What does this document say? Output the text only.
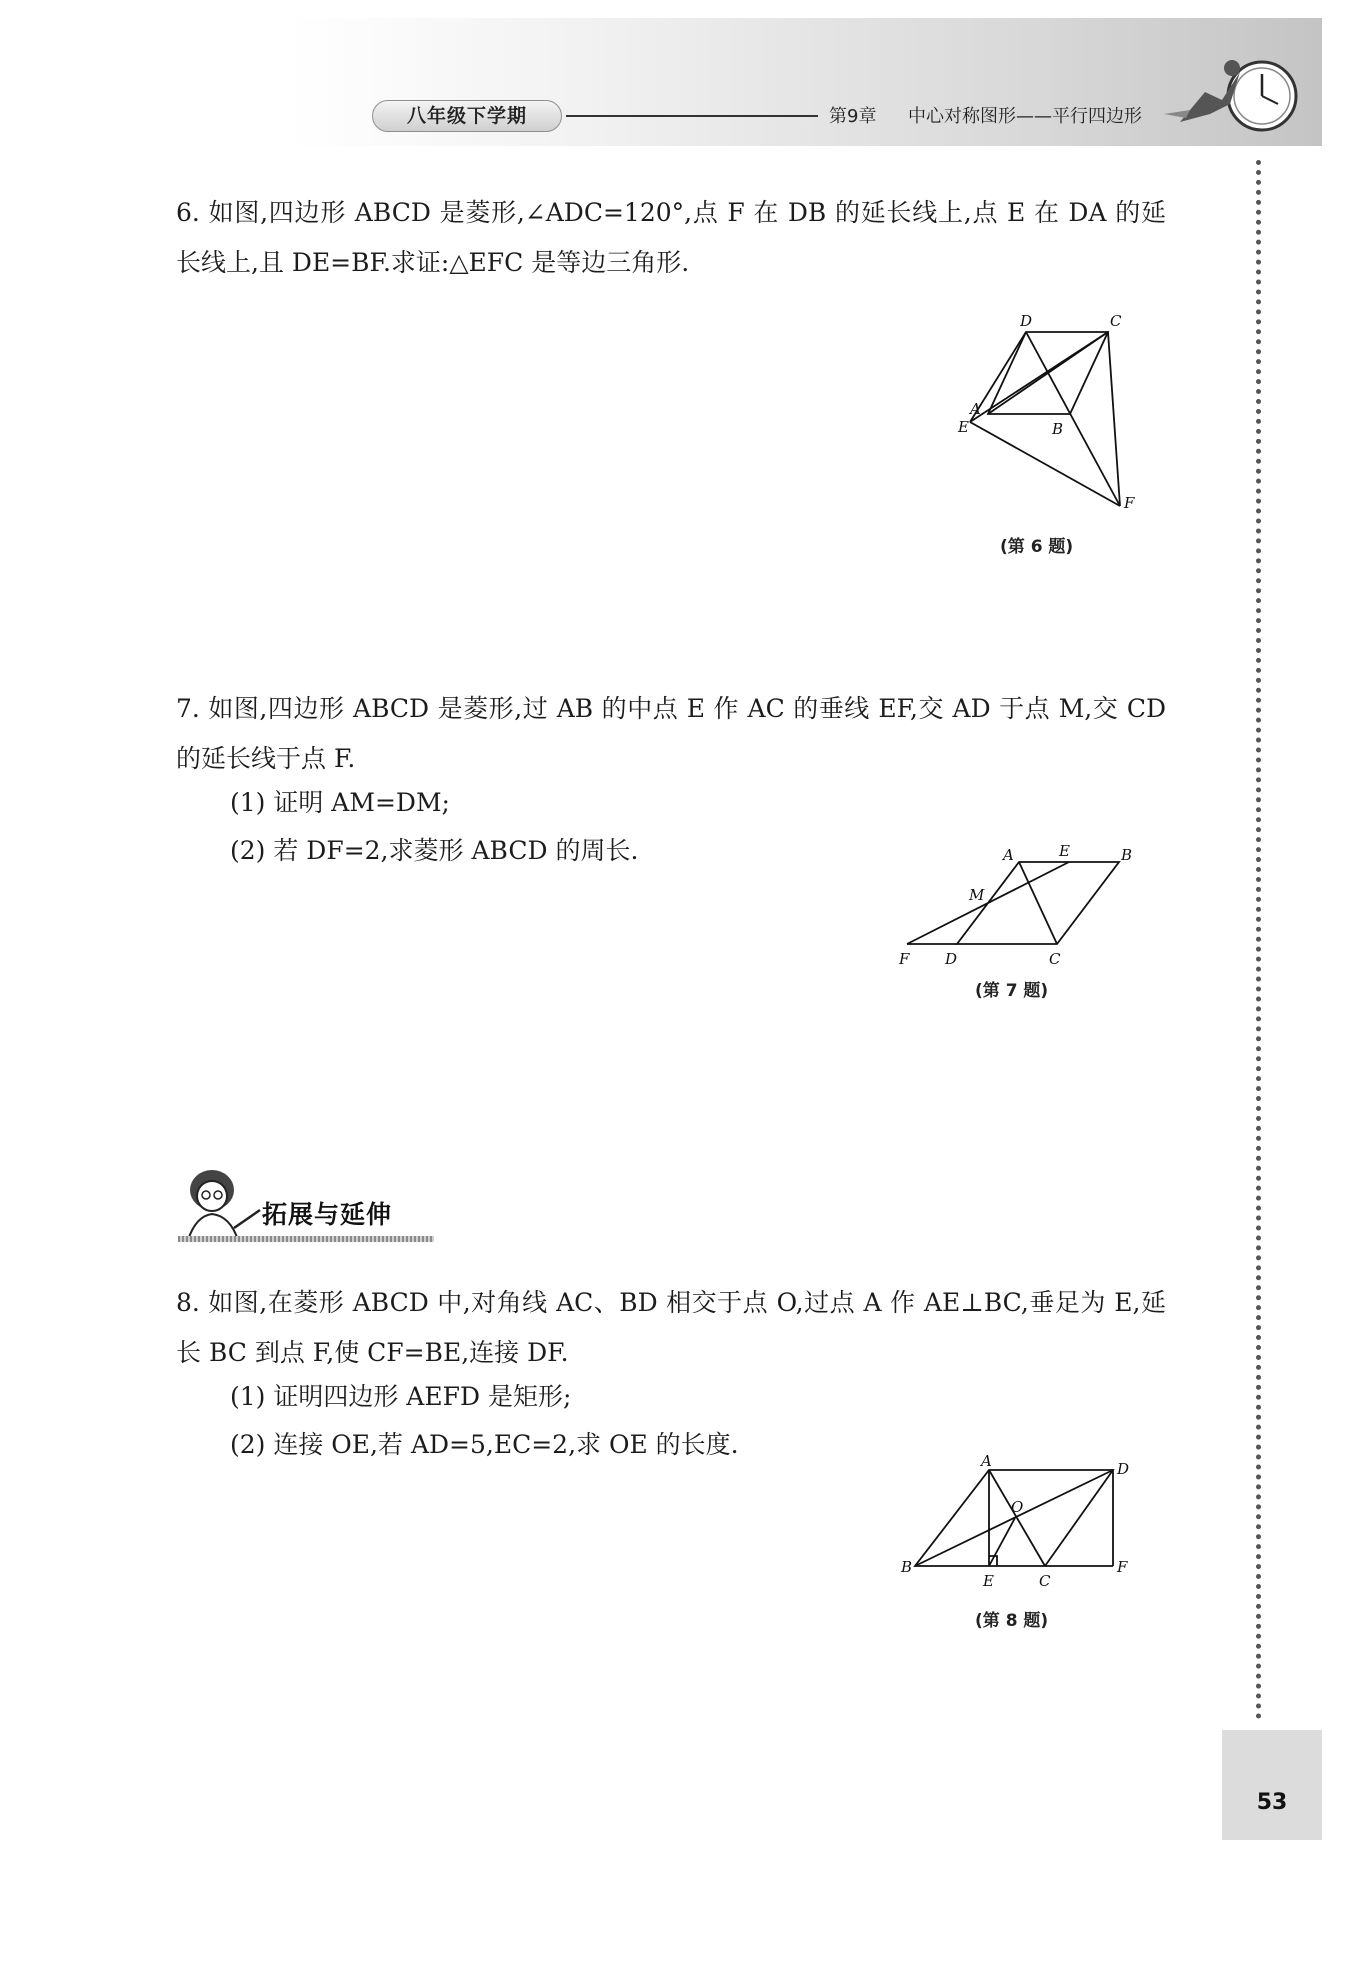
八年级下学期	第9章 中心对称图形——平行四边形

6. 如图,四边形 ABCD 是菱形,∠ADC=120°,点 F 在 DB 的延长线上,点 E 在 DA 的延长线上,且 DE=BF.求证:△EFC 是等边三角形.

D	C
A
E	B
F
(第 6 题)

7. 如图,四边形 ABCD 是菱形,过 AB 的中点 E 作 AC 的垂线 EF,交 AD 于点 M,交 CD 的延长线于点 F.

(1) 证明 AM=DM;

(2) 若 DF=2,求菱形 ABCD 的周长.	A	E	B
M
F D	C
(第 7 题)
拓展与延伸

8. 如图,在菱形 ABCD 中,对角线 AC、BD 相交于点 O,过点 A 作 AE⊥BC,垂足为 E,延长 BC 到点 F,使 CF=BE,连接 DF.

(1) 证明四边形 AEFD 是矩形;

(2) 连接 OE,若 AD=5,EC=2,求 OE 的长度.

A	D
O
B
E	C
F
(第 8 题)
53
